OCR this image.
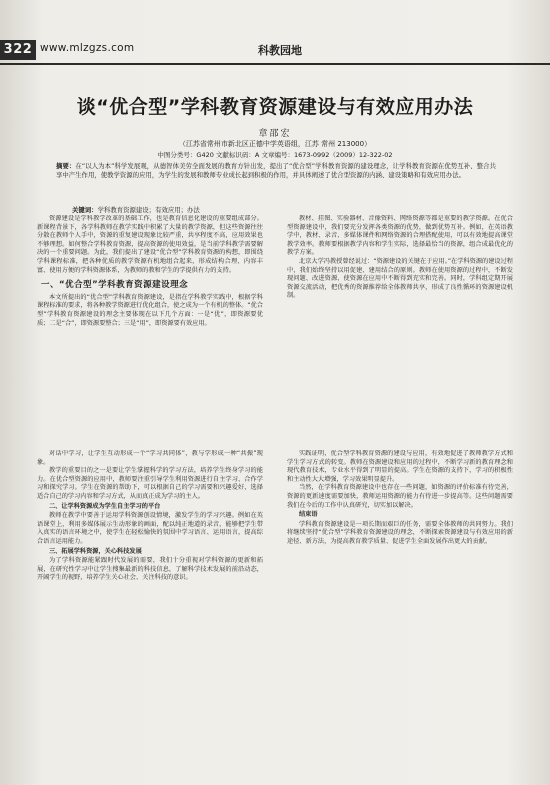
322 www.mlzgzs.com	科教园地
谈“优合型”学科教育资源建设与有效应用办法
章邵宏
（江苏省常州市新北区正德中学英语组，江苏 常州 213000）
中图分类号：G420 文献标识码：A 文章编号：1673-0992（2009）12-322-02
摘要：在“以人为本”科学发展观，从德智体美劳全面发展的教育方针出发，提出了“优合型”学科教育资源的建设理念，让学科教育资源在优势互补、整合共享中产生作用，使教学资源的应用，为学生的发展和教师专业成长起到积极的作用，并具体阐述了优合型资源的内涵、建设策略和有效应用办法。
关键词：学科教育资源建设；有效应用；办法

资源建设是学科教学改革的基础工作，也是教育信息化建设的重要组成部分。新课程背景下，各学科教师在教学实践中积累了大量的教学资源，但这些资源往往分散在教师个人手中，资源的重复建设现象比较严重，共享程度不高，应用效果也不够理想。如何整合学科教育资源，提高资源的使用效益，是当前学科教学需要解决的一个重要问题。为此，我们提出了建设“优合型”学科教育资源的构想，即围绕学科课程标准，把各种优质的教学资源有机地组合起来，形成结构合理、内容丰富、使用方便的学科资源体系，为教师的教和学生的学提供有力的支持。

一、“优合型”学科教育资源建设理念

本文所提出的“优合型”学科教育资源建设，是指在学科教学实践中，根据学科课程标准的要求，将各种教学资源进行优化组合，使之成为一个有机的整体。“优合型”学科教育资源建设的理念主要体现在以下几个方面：一是“优”，即资源要优质；二是“合”，即资源要整合；三是“用”，即资源要有效应用。

教材、挂图、实验器材、音像资料、网络资源等都是重要的教学资源。在优合型资源建设中，我们要充分发挥各类资源的优势，做到优势互补。例如，在英语教学中，教材、录音、多媒体课件和网络资源的合理搭配使用，可以有效地提高课堂教学效率。教师要根据教学内容和学生实际，选择最恰当的资源，组合成最优化的教学方案。

北京大学冯教授曾经说过：“资源建设的关键在于应用。”在学科资源的建设过程中，我们始终坚持以用促建、建用结合的原则。教师在使用资源的过程中，不断发现问题、改进资源，使资源在应用中不断得到充实和完善。同时，学科组定期开展资源交流活动，把优秀的资源推荐给全体教师共享，形成了良性循环的资源建设机制。

对话中学习，让学生互动形成一个“学习共同体”，教与学形成一种“共振”现象。

教学的重要目的之一是要让学生掌握科学的学习方法，培养学生终身学习的能力。在优合型资源的应用中，教师要注重引导学生利用资源进行自主学习、合作学习和探究学习。学生在资源的帮助下，可以根据自己的学习需要和兴趣爱好，选择适合自己的学习内容和学习方式，从而真正成为学习的主人。

二、让学科资源成为学生自主学习的平台

教师在教学中要善于运用学科资源创设情境，激发学生的学习兴趣。例如在英语课堂上，利用多媒体展示生动形象的画面，配以纯正地道的录音，能够把学生带入真实的语言环境之中，使学生在轻松愉快的氛围中学习语言、运用语言，提高综合语言运用能力。

三、拓展学科资源，关心科技发展

为了学科资源能紧跟时代发展的需要，我们十分重视对学科资源的更新和拓展，在研究性学习中让学生搜集最新的科技信息，了解科学技术发展的前沿动态，开阔学生的视野，培养学生关心社会、关注科技的意识。

实践证明，优合型学科教育资源的建设与应用，有效地促进了教师教学方式和学生学习方式的转变。教师在资源建设和应用的过程中，不断学习新的教育理念和现代教育技术，专业水平得到了明显的提高。学生在资源的支持下，学习的积极性和主动性大大增强，学习效果明显提升。

当然，在学科教育资源建设中也存在一些问题，如资源的评价标准有待完善，资源的更新速度需要加快，教师运用资源的能力有待进一步提高等。这些问题需要我们在今后的工作中认真研究，切实加以解决。

结束语

学科教育资源建设是一项长期而艰巨的任务，需要全体教师的共同努力。我们将继续坚持“优合型”学科教育资源建设的理念，不断探索资源建设与有效应用的新途径、新方法，为提高教育教学质量、促进学生全面发展作出更大的贡献。
